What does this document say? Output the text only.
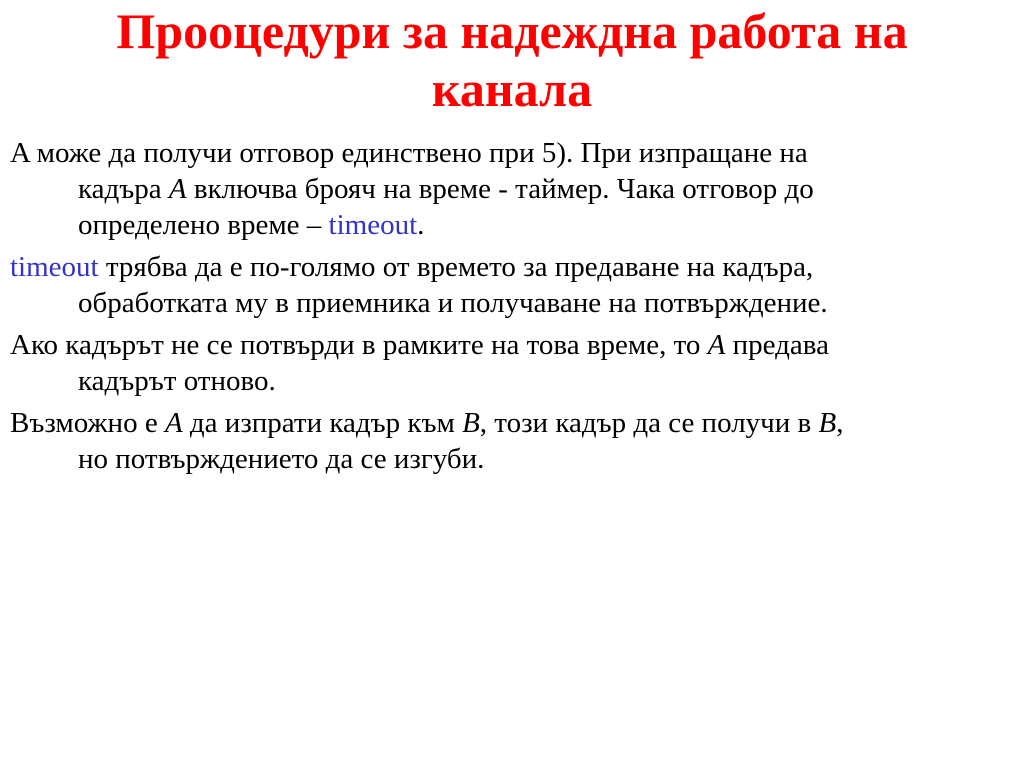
Проoцедури за надеждна работа на
канала

A може да получи отговор единствено при 5). При изпращане на
кадъра A включва брояч на време - таймер. Чака отговор до
определено време – timeout.

timeout трябва да е по-голямо от времето за предаване на кадъра,
обработката му в приемника и получаване на потвърждение.

Ако кадърът не се потвърди в рамките на това време, то A предава
кадърът отново.

Възможно е A да изпрати кадър към B, този кадър да се получи в B,
но потвърждението да се изгуби.
